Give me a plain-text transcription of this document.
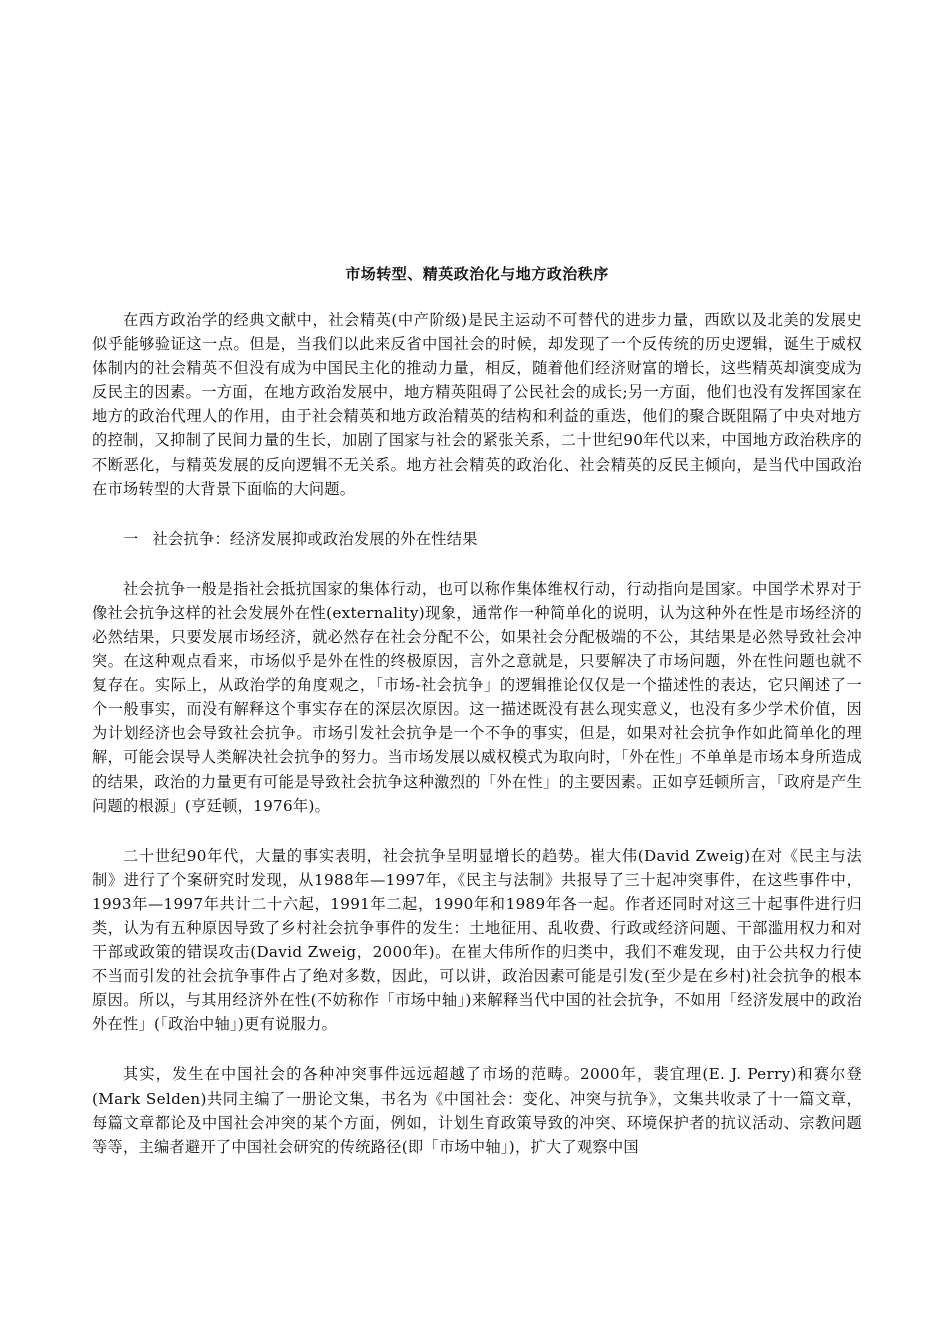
市场转型、精英政治化与地方政治秩序

在西方政治学的经典文献中，社会精英(中产阶级)是民主运动不可替代的进步力量，西欧以及北美的发展史似乎能够验证这一点。但是，当我们以此来反省中国社会的时候，却发现了一个反传统的历史逻辑，诞生于威权体制内的社会精英不但没有成为中国民主化的推动力量，相反，随着他们经济财富的增长，这些精英却演变成为反民主的因素。一方面，在地方政治发展中，地方精英阻碍了公民社会的成长;另一方面，他们也没有发挥国家在地方的政治代理人的作用，由于社会精英和地方政治精英的结构和利益的重迭，他们的聚合既阻隔了中央对地方的控制，又抑制了民间力量的生长，加剧了国家与社会的紧张关系，二十世纪90年代以来，中国地方政治秩序的不断恶化，与精英发展的反向逻辑不无关系。地方社会精英的政治化、社会精英的反民主倾向，是当代中国政治在市场转型的大背景下面临的大问题。

一 社会抗争：经济发展抑或政治发展的外在性结果

社会抗争一般是指社会抵抗国家的集体行动，也可以称作集体维权行动，行动指向是国家。中国学术界对于像社会抗争这样的社会发展外在性(externality)现象，通常作一种简单化的说明，认为这种外在性是市场经济的必然结果，只要发展市场经济，就必然存在社会分配不公，如果社会分配极端的不公，其结果是必然导致社会冲突。在这种观点看来，市场似乎是外在性的终极原因，言外之意就是，只要解决了市场问题，外在性问题也就不复存在。实际上，从政治学的角度观之，「市场-社会抗争」的逻辑推论仅仅是一个描述性的表达，它只阐述了一个一般事实，而没有解释这个事实存在的深层次原因。这一描述既没有甚么现实意义，也没有多少学术价值，因为计划经济也会导致社会抗争。市场引发社会抗争是一个不争的事实，但是，如果对社会抗争作如此简单化的理解，可能会误导人类解决社会抗争的努力。当市场发展以威权模式为取向时，「外在性」不单单是市场本身所造成的结果，政治的力量更有可能是导致社会抗争这种激烈的「外在性」的主要因素。正如亨廷顿所言，「政府是产生问题的根源」(亨廷顿，1976年)。

二十世纪90年代，大量的事实表明，社会抗争呈明显增长的趋势。崔大伟(David Zweig)在对《民主与法制》进行了个案研究时发现，从1988年—1997年，《民主与法制》共报导了三十起冲突事件，在这些事件中，1993年—1997年共计二十六起，1991年二起，1990年和1989年各一起。作者还同时对这三十起事件进行归类，认为有五种原因导致了乡村社会抗争事件的发生：土地征用、乱收费、行政或经济问题、干部滥用权力和对干部或政策的错误攻击(David Zweig，2000年)。在崔大伟所作的归类中，我们不难发现，由于公共权力行使不当而引发的社会抗争事件占了绝对多数，因此，可以讲，政治因素可能是引发(至少是在乡村)社会抗争的根本原因。所以，与其用经济外在性(不妨称作「市场中轴」)来解释当代中国的社会抗争，不如用「经济发展中的政治外在性」(「政治中轴」)更有说服力。

其实，发生在中国社会的各种冲突事件远远超越了市场的范畴。2000年，裴宜理(E. J. Perry)和赛尔登(Mark Selden)共同主编了一册论文集，书名为《中国社会：变化、冲突与抗争》，文集共收录了十一篇文章，每篇文章都论及中国社会冲突的某个方面，例如，计划生育政策导致的冲突、环境保护者的抗议活动、宗教问题等等，主编者避开了中国社会研究的传统路径(即「市场中轴」)，扩大了观察中国
